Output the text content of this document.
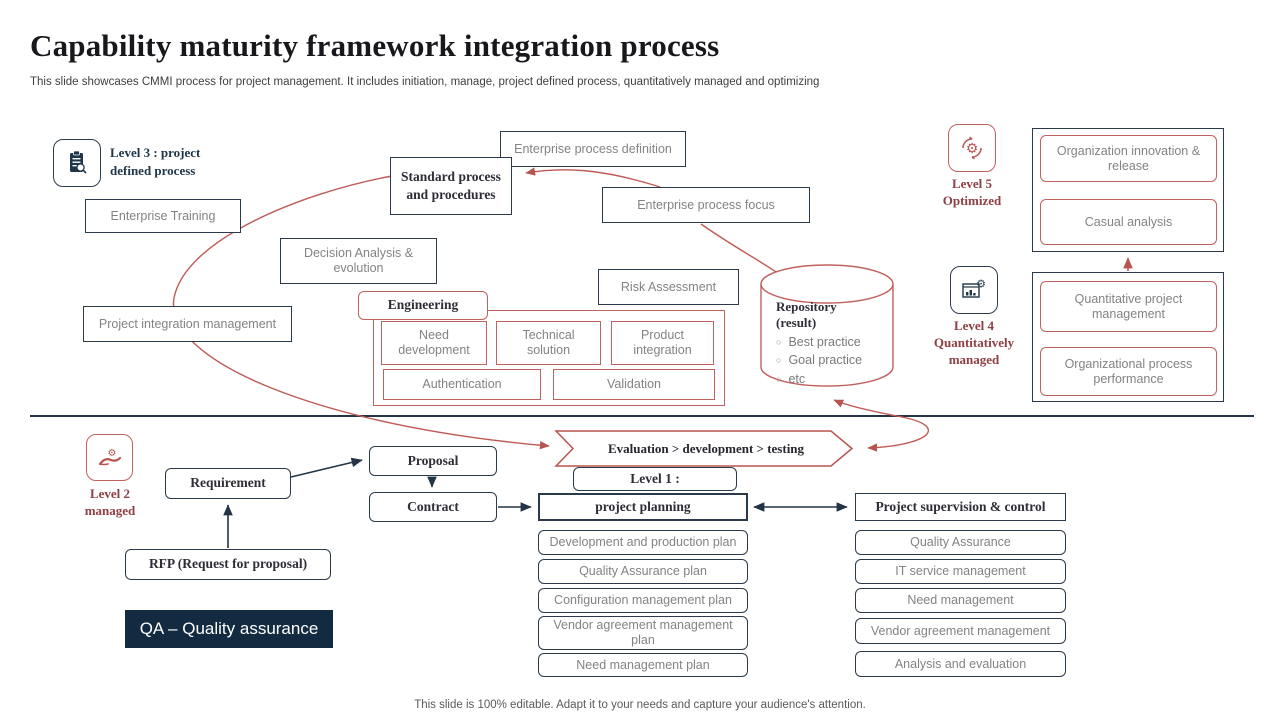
Capability maturity framework integration process
This slide showcases CMMI process for project management. It includes initiation, manage, project defined process, quantitatively managed and optimizing
Level 3 : project defined process
Enterprise Training
Enterprise process definition
Standard process and procedures
Enterprise process focus
Decision Analysis & evolution
Risk Assessment
Engineering
Need development
Technical solution
Product integration
Authentication	Validation
Project integration management
Repository
(result)
○ Best practice
○ Goal practice
○ etc
⚙
Level 5 Optimized
Organization innovation & release
Casual analysis
⚙
Level 4 Quantitatively managed
Quantitative project management
Organizational process performance
⚙
Level 2 managed
Requirement
Proposal
Contract
RFP (Request for proposal)
Evaluation > development > testing
Level 1 :
project planning	Project supervision & control
Development and production plan
Quality Assurance plan
Configuration management plan
Vendor agreement management plan
Need management plan
Quality Assurance
IT service management
Need management
Vendor agreement management
Analysis and evaluation
QA – Quality assurance
This slide is 100% editable. Adapt it to your needs and capture your audience's attention.
